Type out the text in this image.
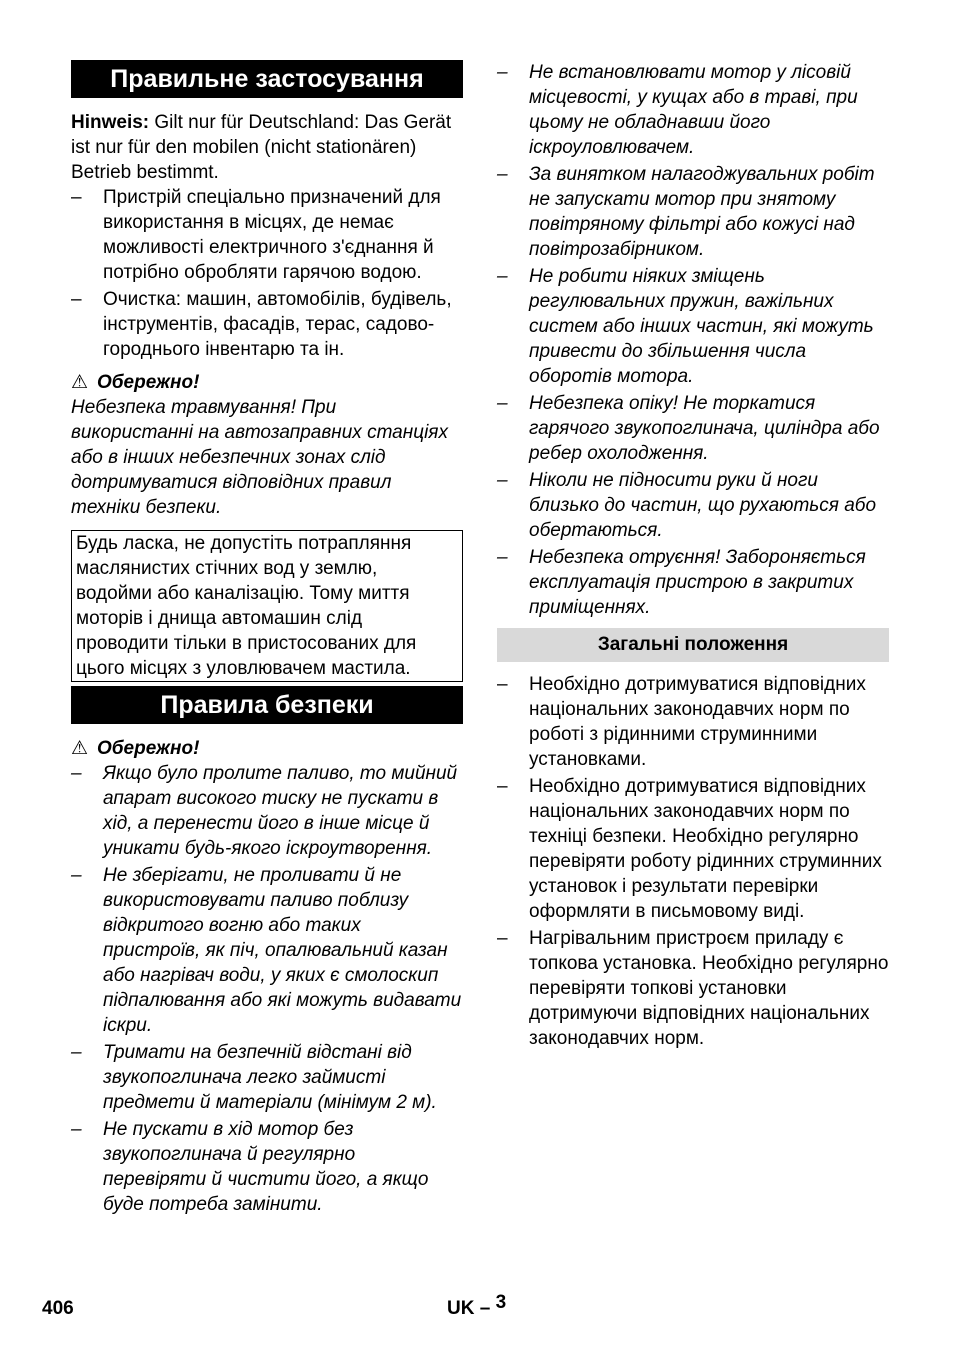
Правильне застосування

Hinweis: Gilt nur für Deutschland: Das Gerät ist nur für den mobilen (nicht stationären) Betrieb bestimmt.

– Пристрій спеціально призначений для використання в місцях, де немає можливості електричного з'єднання й потрібно обробляти гарячою водою.
– Очистка: машин, автомобілів, будівель, інструментів, фасадів, терас, садово-городнього інвентарю та ін.

⚠ Обережно!

Небезпека травмування! При використанні на автозаправних станціях або в інших небезпечних зонах слід дотримуватися відповідних правил техніки безпеки.

Будь ласка, не допустіть потрапляння маслянистих стічних вод у землю, водойми або каналізацію. Тому миття моторів і днища автомашин слід проводити тільки в пристосованих для цього місцях з уловлювачем мастила.
Правила безпеки

⚠ Обережно!

– Якщо було пролите паливо, то мийний апарат високого тиску не пускати в хід, а перенести його в інше місце й уникати будь-якого іскроутворення.
– Не зберігати, не проливати й не використовувати паливо поблизу відкритого вогню або таких пристроїв, як піч, опалювальний казан або нагрівач води, у яких є смолоскип підпалювання або які можуть видавати іскри.
– Тримати на безпечній відстані від звукопоглинача легко займисті предмети й матеріали (мінімум 2 м).
– Не пускати в хід мотор без звукопоглинача й регулярно перевіряти й чистити його, а якщо буде потреба замінити.
– Не встановлювати мотор у лісовій місцевості, у кущах або в траві, при цьому не обладнавши його іскроуловлювачем.
– За винятком налагоджувальних робіт не запускати мотор при знятому повітряному фільтрі або кожусі над повітрозабірником.
– Не робити ніяких зміщень регулювальних пружин, важільних систем або інших частин, які можуть привести до збільшення числа оборотів мотора.
– Небезпека опіку! Не торкатися гарячого звукопоглинача, циліндра або ребер охолодження.
– Ніколи не підносити руки й ноги близько до частин, що рухаються або обертаються.
– Небезпека отруєння! Забороняється експлуатація пристрою в закритих приміщеннях.
Загальні положення
– Необхідно дотримуватися відповідних національних законодавчих норм по роботі з рідинними струминними установками.
– Необхідно дотримуватися відповідних національних законодавчих норм по техніці безпеки. Необхідно регулярно перевіряти роботу рідинних струминних установок і результати перевірки оформляти в письмовому виді.
– Нагрівальним пристроєм приладу є топкова установка. Необхідно регулярно перевіряти топкові установки дотримуючи відповідних національних законодавчих норм.
406	UK – 3
